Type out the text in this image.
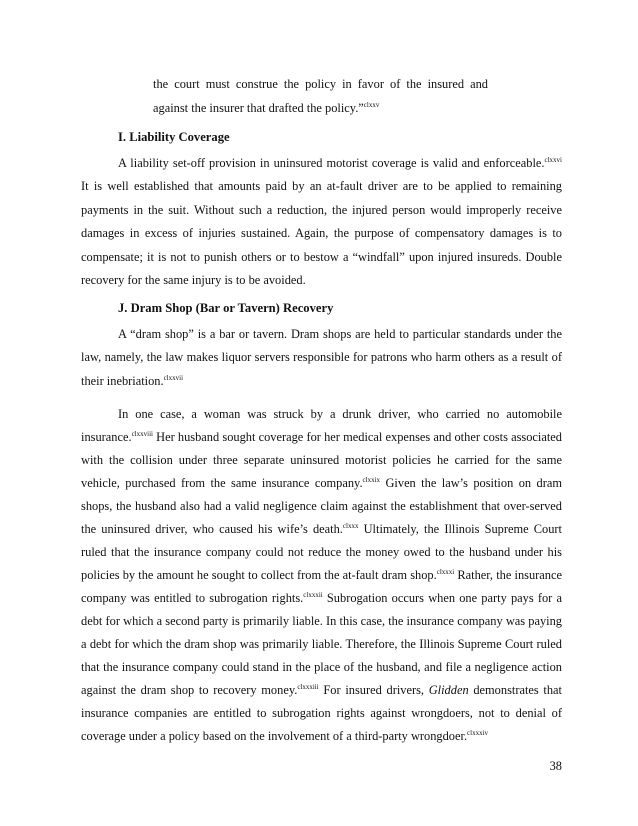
the court must construe the policy in favor of the insured and against the insurer that drafted the policy.”$^{clxxv}$
I. Liability Coverage

A liability set-off provision in uninsured motorist coverage is valid and enforceable.$^{clxxvi}$ It is well established that amounts paid by an at-fault driver are to be applied to remaining payments in the suit. Without such a reduction, the injured person would improperly receive damages in excess of injuries sustained. Again, the purpose of compensatory damages is to compensate; it is not to punish others or to bestow a “windfall” upon injured insureds. Double recovery for the same injury is to be avoided.

J. Dram Shop (Bar or Tavern) Recovery

A “dram shop” is a bar or tavern. Dram shops are held to particular standards under the law, namely, the law makes liquor servers responsible for patrons who harm others as a result of their inebriation.$^{clxxvii}$

In one case, a woman was struck by a drunk driver, who carried no automobile insurance.$^{clxxviii}$ Her husband sought coverage for her medical expenses and other costs associated with the collision under three separate uninsured motorist policies he carried for the same vehicle, purchased from the same insurance company.$^{clxxix}$ Given the law’s position on dram shops, the husband also had a valid negligence claim against the establishment that over-served the uninsured driver, who caused his wife’s death.$^{clxxx}$ Ultimately, the Illinois Supreme Court ruled that the insurance company could not reduce the money owed to the husband under his policies by the amount he sought to collect from the at-fault dram shop.$^{clxxxi}$ Rather, the insurance company was entitled to subrogation rights.$^{clxxxii}$ Subrogation occurs when one party pays for a debt for which a second party is primarily liable. In this case, the insurance company was paying a debt for which the dram shop was primarily liable. Therefore, the Illinois Supreme Court ruled that the insurance company could stand in the place of the husband, and file a negligence action against the dram shop to recovery money.$^{clxxxiii}$ For insured drivers, Glidden demonstrates that insurance companies are entitled to subrogation rights against wrongdoers, not to denial of coverage under a policy based on the involvement of a third-party wrongdoer.$^{clxxxiv}$

38
